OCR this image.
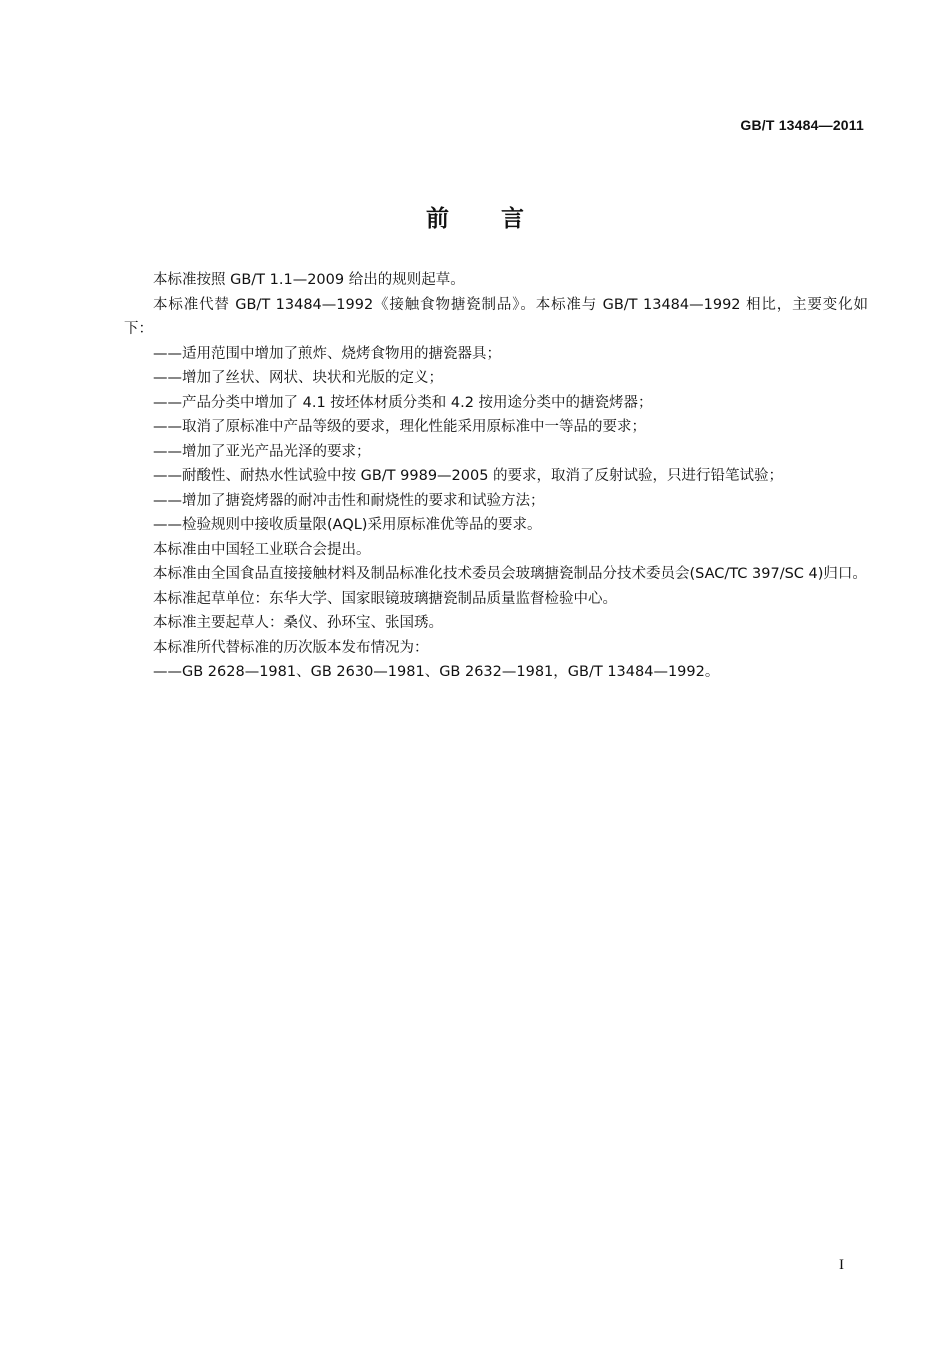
GB/T 13484—2011
前言

本标准按照 GB/T 1.1—2009 给出的规则起草。

本标准代替 GB/T 13484—1992《接触食物搪瓷制品》。本标准与 GB/T 13484—1992 相比，主要变化如下：

——适用范围中增加了煎炸、烧烤食物用的搪瓷器具；

——增加了丝状、网状、块状和光版的定义；

——产品分类中增加了 4.1 按坯体材质分类和 4.2 按用途分类中的搪瓷烤器；

——取消了原标准中产品等级的要求，理化性能采用原标准中一等品的要求；

——增加了亚光产品光泽的要求；

——耐酸性、耐热水性试验中按 GB/T 9989—2005 的要求，取消了反射试验，只进行铅笔试验；

——增加了搪瓷烤器的耐冲击性和耐烧性的要求和试验方法；

——检验规则中接收质量限(AQL)采用原标准优等品的要求。

本标准由中国轻工业联合会提出。

本标准由全国食品直接接触材料及制品标准化技术委员会玻璃搪瓷制品分技术委员会(SAC/TC 397/SC 4)归口。

本标准起草单位：东华大学、国家眼镜玻璃搪瓷制品质量监督检验中心。

本标准主要起草人：桑仪、孙环宝、张国琇。

本标准所代替标准的历次版本发布情况为：

——GB 2628—1981、GB 2630—1981、GB 2632—1981，GB/T 13484—1992。

I
